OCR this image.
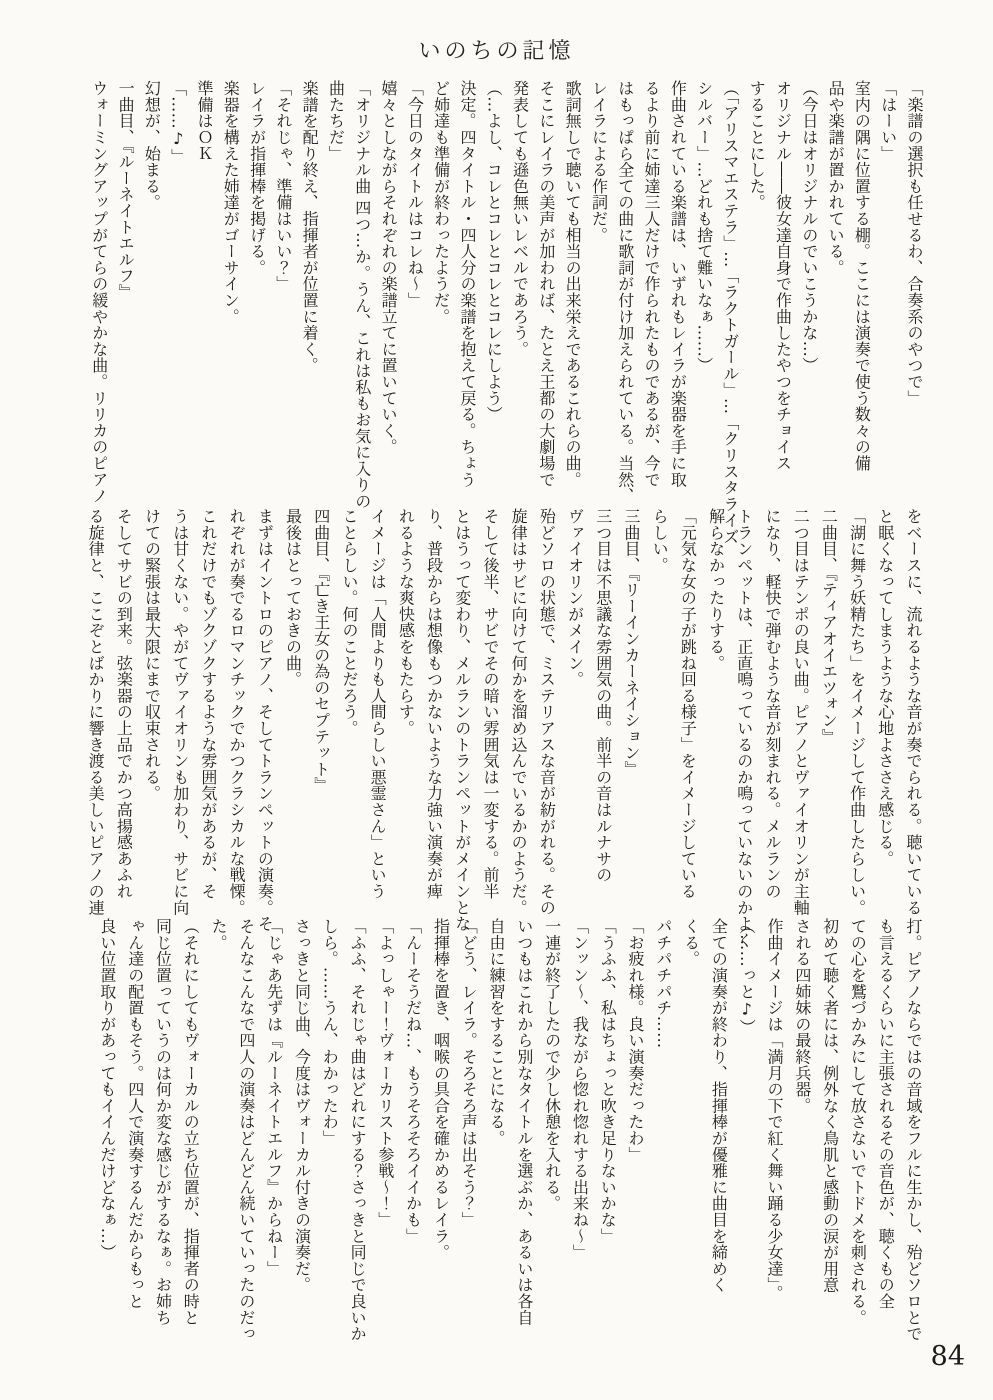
いのちの記憶
「楽譜の選択も任せるわ、合奏系のやつで」
「はーい」
室内の隅に位置する棚。ここには演奏で使う数々の備
品や楽譜が置かれている。
（今日はオリジナルのでいこうかな…）
オリジナル――彼女達自身で作曲したやつをチョイス
することにした。
（「アリスマエステラ」…「ラクトガール」…「クリスタライズ
シルバー」…どれも捨て難いなぁ……）
作曲されている楽譜は、いずれもレイラが楽器を手に取
るより前に姉達三人だけで作られたものであるが、今で
はもっぱら全ての曲に歌詞が付け加えられている。当然、
レイラによる作詞だ。
歌詞無しで聴いても相当の出来栄えであるこれらの曲。
そこにレイラの美声が加われば、たとえ王都の大劇場で
発表しても遜色無いレベルであろう。
（…よし、コレとコレとコレとコレにしよう）
決定。四タイトル・四人分の楽譜を抱えて戻る。ちょう
ど姉達も準備が終わったようだ。
「今日のタイトルはコレね～」
嬉々としながらそれぞれの楽譜立てに置いていく。
「オリジナル曲 四つ…か。うん、これは私もお気に入りの
曲たちだ」
楽譜を配り終え、指揮者が位置に着く。
「それじゃ、準備はいい？」
レイラが指揮棒を掲げる。
楽器を構えた姉達がゴーサイン。
準備はＯＫ
「……♪」
幻想が、始まる。
一曲目、『ルーネイトエルフ』
ウォーミングアップがてらの緩やかな曲。リリカのピアノ
をベースに、流れるような音が奏でられる。聴いている
と眠くなってしまうような心地よささえ感じる。
「湖に舞う妖精たち」をイメージして作曲したらしい。
二曲目、『ティアオイエツォン』
二つ目はテンポの良い曲。ピアノとヴァイオリンが主軸
になり、軽快で弾むような音が刻まれる。メルランの
トランペットは、正直鳴っているのか鳴っていないのかよく
解らなかったりする。
「元気な女の子が跳ね回る様子」をイメージしている
らしい。
三曲目、『リーインカーネイション』
三つ目は不思議な雰囲気の曲。前半の音はルナサの
ヴァイオリンがメイン。
殆どソロの状態で、ミステリアスな音が紡がれる。その
旋律はサビに向けて何かを溜め込んでいるかのようだ。
そして後半、サビでその暗い雰囲気は一変する。前半
とはうって変わり、メルランのトランペットがメインとな
り、普段からは想像もつかないような力強い演奏が痺
れるような爽快感をもたらす。
イメージは「人間よりも人間らしい悪霊さん」という
ことらしい。何のことだろう。
四曲目、『亡き王女の為のセプテット』
最後はとっておきの曲。
まずはイントロのピアノ、そしてトランペットの演奏。そ
れぞれが奏でるロマンチックでかつクラシカルな戦慄。
これだけでもゾクゾクするような雰囲気があるが、そ
うは甘くない。やがてヴァイオリンも加わり、サビに向
けての緊張は最大限にまで収束される。
そしてサビの到来。弦楽器の上品でかつ高揚感あふれ
る旋律と、ここぞとばかりに響き渡る美しいピアノの連
打。ピアノならではの音域をフルに生かし、殆どソロとで
も言えるくらいに主張されるその音色が、聴くもの全
ての心を鷲づかみにして放さないでトドメを刺される。
初めて聴く者には、例外なく鳥肌と感動の涙が用意
される四姉妹の最終兵器。
作曲イメージは「満月の下で紅く舞い踊る少女達」。
（……っと♪）
全ての演奏が終わり、指揮棒が優雅に曲目を締めく
くる。
パチパチパチ……
「お疲れ様。良い演奏だったわ」
「うふふ、私はちょっと吹き足りないかな」
「ンッン～、我ながら惚れ惚れする出来ね～」
一連が終了したので少し休憩を入れる。
いつもはこれから別なタイトルを選ぶか、あるいは各自
自由に練習をすることになる。
「どう、レイラ。そろそろ声は出そう？」
指揮棒を置き、咽喉の具合を確かめるレイラ。
「んーそうだね…、もうそろそろイイかも」
「よっしゃー！ヴォーカリスト参戦～！」
「ふふ、それじゃ曲はどれにする？さっきと同じで良いか
しら。……うん、わかったわ」
さっきと同じ曲、今度はヴォーカル付きの演奏だ。
「じゃあ先ずは『ルーネイトエルフ』からねー」
そんなこんなで四人の演奏はどんどん続いていったのだっ
た。
（それにしてもヴォーカルの立ち位置が、指揮者の時と
同じ位置っていうのは何か変な感じがするなぁ。お姉ち
ゃん達の配置もそう。四人で演奏するんだからもっと
良い位置取りがあってもイイんだけどなぁ…）
84
